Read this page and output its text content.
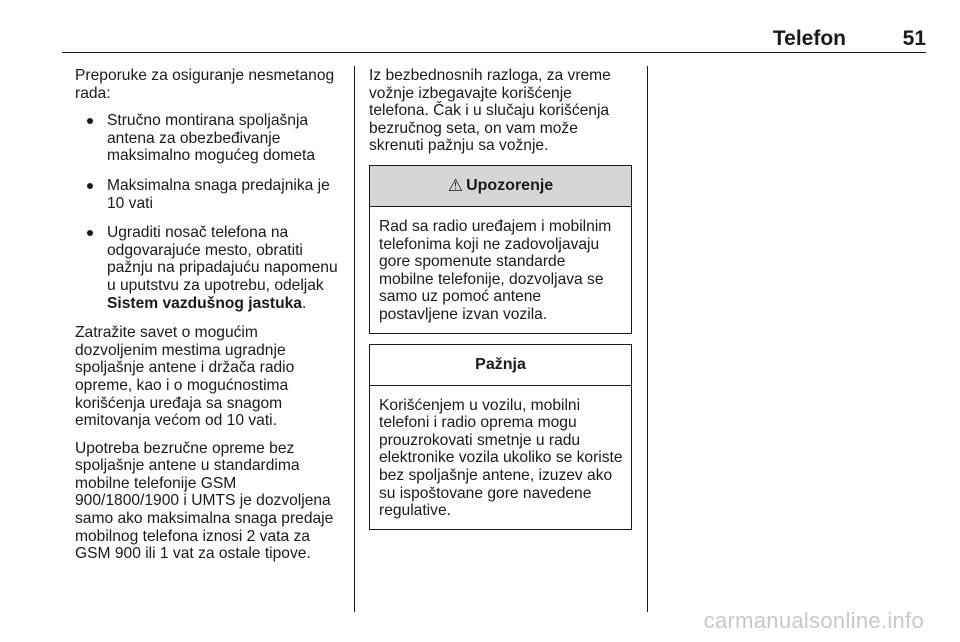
Telefon	51

Preporuke za osiguranje nesmetanog rada:

Stručno montirana spoljašnja antena za obezbeđivanje maksimalno mogućeg dometa
Maksimalna snaga predajnika je 10 vati
Ugraditi nosač telefona na odgovarajuće mesto, obratiti pažnju na pripadajuću napomenu u uputstvu za upotrebu, odeljak Sistem vazdušnog jastuka.

Zatražite savet o mogućim dozvoljenim mestima ugradnje spoljašnje antene i držača radio opreme, kao i o mogućnostima korišćenja uređaja sa snagom emitovanja većom od 10 vati.

Upotreba bezručne opreme bez spoljašnje antene u standardima mobilne telefonije GSM 900/1800/1900 i UMTS je dozvoljena samo ako maksimalna snaga predaje mobilnog telefona iznosi 2 vata za GSM 900 ili 1 vat za ostale tipove.

Iz bezbednosnih razloga, za vreme vožnje izbegavajte korišćenje telefona. Čak i u slučaju korišćenja bezručnog seta, on vam može skrenuti pažnju sa vožnje.

⚠ Upozorenje
Rad sa radio uređajem i mobilnim telefonima koji ne zadovoljavaju gore spomenute standarde mobilne telefonije, dozvoljava se samo uz pomoć antene postavljene izvan vozila.
Pažnja
Korišćenjem u vozilu, mobilni telefoni i radio oprema mogu prouzrokovati smetnje u radu elektronike vozila ukoliko se koriste bez spoljašnje antene, izuzev ako su ispoštovane gore navedene regulative.
carmanualsonline.info
